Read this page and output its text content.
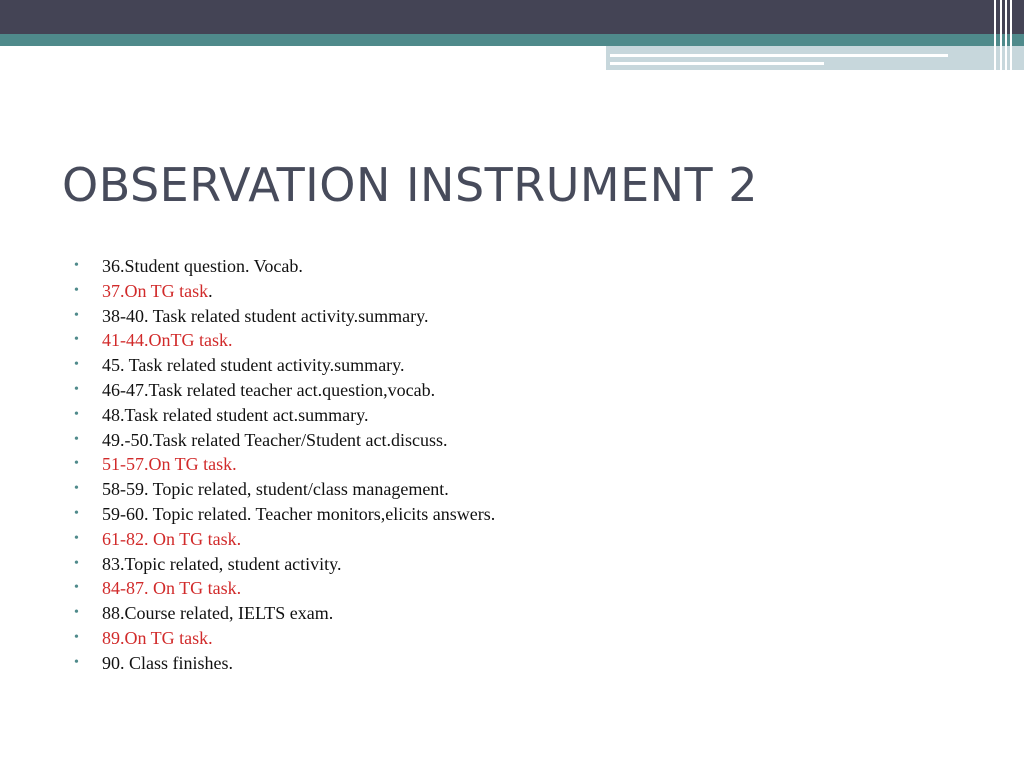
OBSERVATION INSTRUMENT 2
• 36.Student question. Vocab.
• 37.On TG task.
• 38-40. Task related student activity.summary.
• 41-44.OnTG task.
• 45. Task related student activity.summary.
• 46-47.Task related teacher act.question,vocab.
• 48.Task related student act.summary.
• 49.-50.Task related Teacher/Student act.discuss.
• 51-57.On TG task.
• 58-59. Topic related, student/class management.
• 59-60. Topic related. Teacher monitors,elicits answers.
• 61-82. On TG task.
• 83.Topic related, student activity.
• 84-87. On TG task.
• 88.Course related, IELTS exam.
• 89.On TG task.
• 90. Class finishes.
